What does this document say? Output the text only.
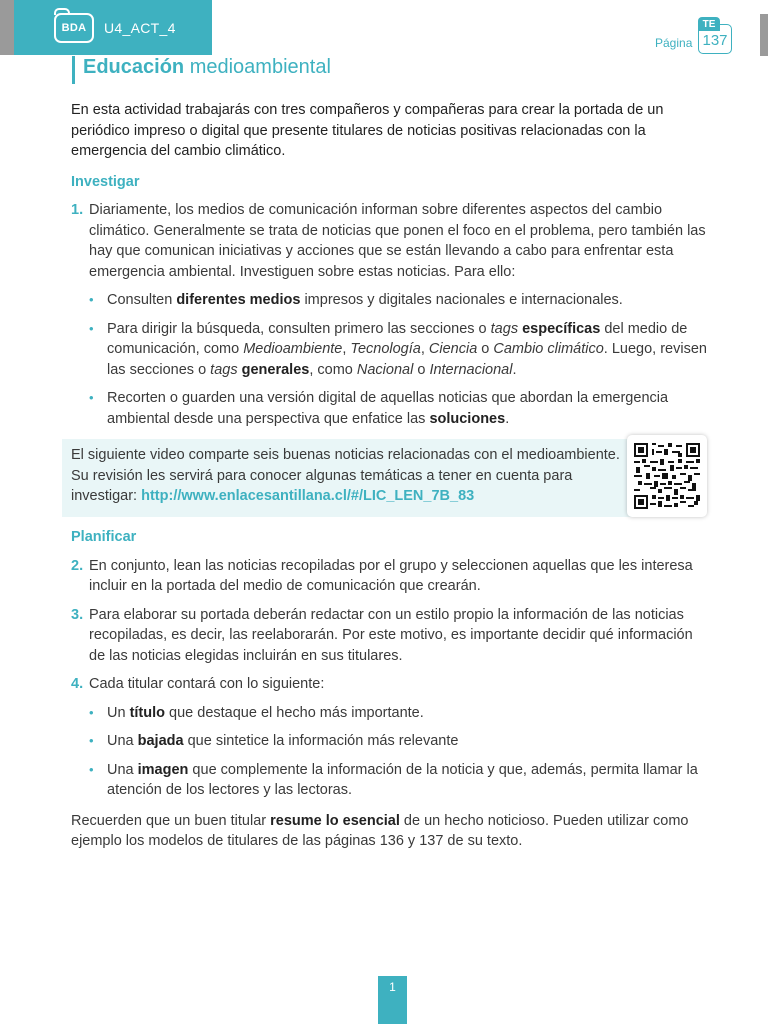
BDA U4_ACT_4
Página
TE
137
Educación medioambiental

En esta actividad trabajarás con tres compañeros y compañeras para crear la portada de un periódico impreso o digital que presente titulares de noticias positivas relacionadas con la emergencia del cambio climático.

Investigar

1. Diariamente, los medios de comunicación informan sobre diferentes aspectos del cambio climático. Generalmente se trata de noticias que ponen el foco en el problema, pero también las hay que comunican iniciativas y acciones que se están llevando a cabo para enfrentar esta emergencia ambiental. Investiguen sobre estas noticias. Para ello:

• Consulten diferentes medios impresos y digitales nacionales e internacionales.

• Para dirigir la búsqueda, consulten primero las secciones o tags específicas del medio de comunicación, como Medioambiente, Tecnología, Ciencia o Cambio climático. Luego, revisen las secciones o tags generales, como Nacional o Internacional.

• Recorten o guarden una versión digital de aquellas noticias que abordan la emergencia ambiental desde una perspectiva que enfatice las soluciones.

El siguiente video comparte seis buenas noticias relacionadas con el medioambiente. Su revisión les servirá para conocer algunas temáticas a tener en cuenta para investigar: http://www.enlacesantillana.cl/#/LIC_LEN_7B_83

Planificar

2. En conjunto, lean las noticias recopiladas por el grupo y seleccionen aquellas que les interesa incluir en la portada del medio de comunicación que crearán.

3. Para elaborar su portada deberán redactar con un estilo propio la información de las noticias recopiladas, es decir, las reelaborarán. Por este motivo, es importante decidir qué información de las noticias elegidas incluirán en sus titulares.

4. Cada titular contará con lo siguiente:

• Un título que destaque el hecho más importante.

• Una bajada que sintetice la información más relevante

• Una imagen que complemente la información de la noticia y que, además, permita llamar la atención de los lectores y las lectoras.

Recuerden que un buen titular resume lo esencial de un hecho noticioso. Pueden utilizar como ejemplo los modelos de titulares de las páginas 136 y 137 de su texto.

1
